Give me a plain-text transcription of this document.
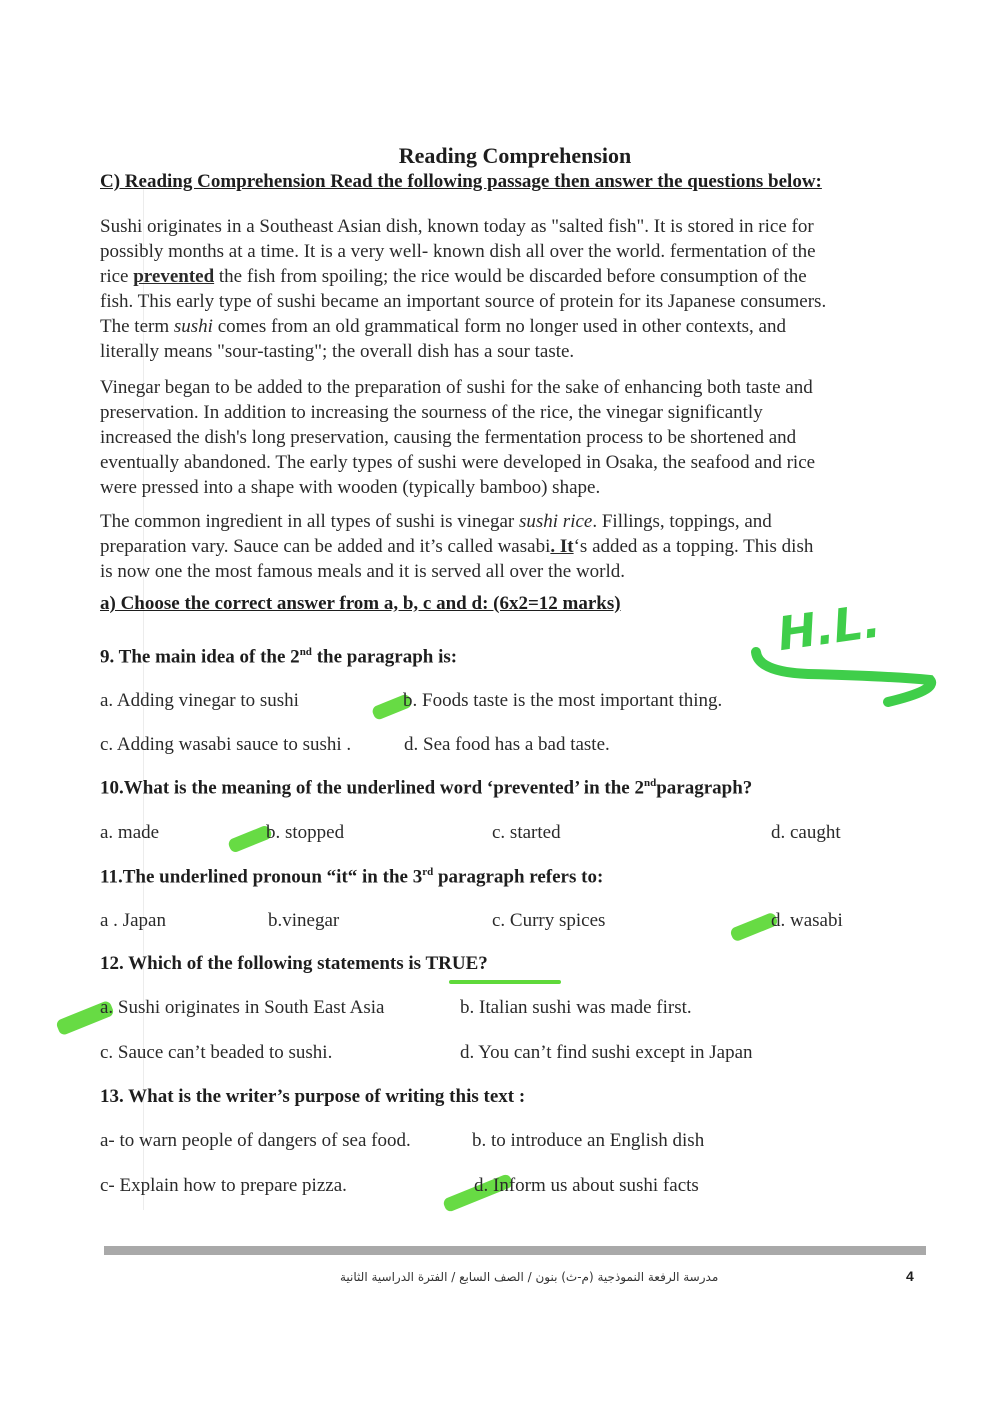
Reading Comprehension
C) Reading Comprehension Read the following passage then answer the questions below:
Sushi originates in a Southeast Asian dish, known today as "salted fish". It is stored in rice for
possibly months at a time. It is a very well- known dish all over the world. fermentation of the
rice prevented the fish from spoiling; the rice would be discarded before consumption of the
fish. This early type of sushi became an important source of protein for its Japanese consumers.
The term sushi comes from an old grammatical form no longer used in other contexts, and
literally means "sour-tasting"; the overall dish has a sour taste.
Vinegar began to be added to the preparation of sushi for the sake of enhancing both taste and
preservation. In addition to increasing the sourness of the rice, the vinegar significantly
increased the dish's long preservation, causing the fermentation process to be shortened and
eventually abandoned. The early types of sushi were developed in Osaka, the seafood and rice
were pressed into a shape with wooden (typically bamboo) shape.
The common ingredient in all types of sushi is vinegar sushi rice. Fillings, toppings, and
preparation vary. Sauce can be added and it’s called wasabi. It‘s added as a topping. This dish
is now one the most famous meals and it is served all over the world.
a) Choose the correct answer from a, b, c and d: (6x2=12 marks)	H.L.
9. The main idea of the 2nd the paragraph is:
a. Adding vinegar to sushi	b. Foods taste is the most important thing.
c. Adding wasabi sauce to sushi .	d. Sea food has a bad taste.
10.What is the meaning of the underlined word ‘prevented’ in the 2ndparagraph?
a. made	b. stopped	c. started	d. caught
11.The underlined pronoun “it“ in the 3rd paragraph refers to:
a . Japan	b.vinegar	c. Curry spices	d. wasabi
12. Which of the following statements is TRUE?
a. Sushi originates in South East Asia	b. Italian sushi was made first.
c. Sauce can’t beaded to sushi.	d. You can’t find sushi except in Japan
13. What is the writer’s purpose of writing this text :
a- to warn people of dangers of sea food.	b. to introduce an English dish
c- Explain how to prepare pizza.	d. Inform us about sushi facts
مدرسة الرفعة النموذجية (م-ث) بنون / الصف السابع / الفترة الدراسية الثانية	4
